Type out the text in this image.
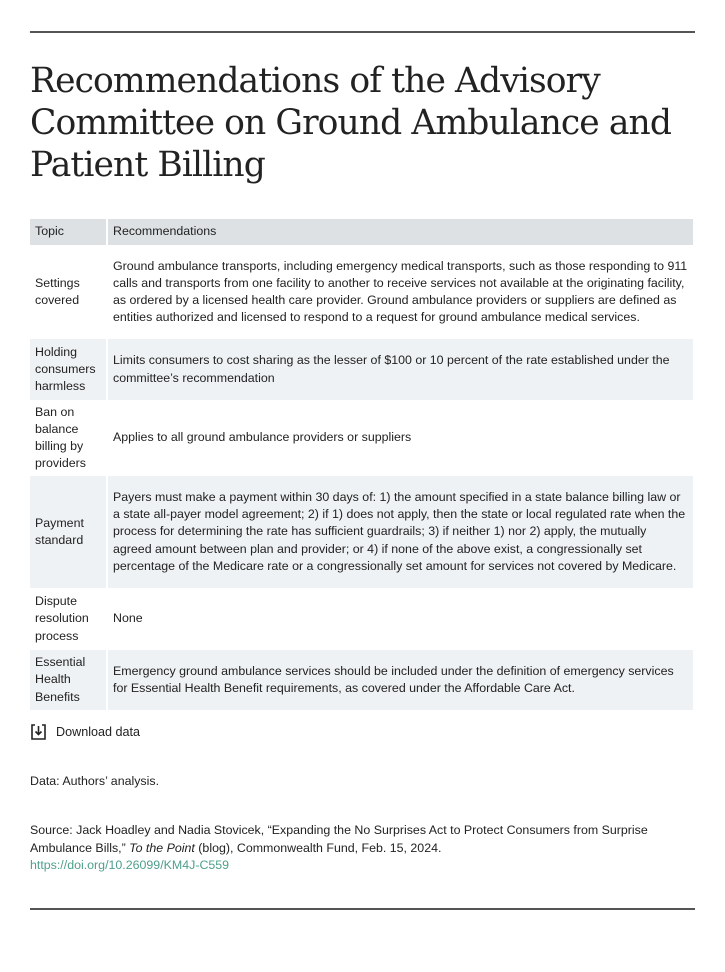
Recommendations of the Advisory Committee on Ground Ambulance and Patient Billing
Topic	Recommendations
Settings covered	Ground ambulance transports, including emergency medical transports, such as those responding to 911 calls and transports from one facility to another to receive services not available at the originating facility, as ordered by a licensed health care provider. Ground ambulance providers or suppliers are defined as entities authorized and licensed to respond to a request for ground ambulance medical services.
Holding consumers harmless	Limits consumers to cost sharing as the lesser of $100 or 10 percent of the rate established under the committee’s recommendation
Ban on balance billing by providers	Applies to all ground ambulance providers or suppliers
Payment standard	Payers must make a payment within 30 days of: 1) the amount specified in a state balance billing law or a state all-payer model agreement; 2) if 1) does not apply, then the state or local regulated rate when the process for determining the rate has sufficient guardrails; 3) if neither 1) nor 2) apply, the mutually agreed amount between plan and provider; or 4) if none of the above exist, a congressionally set percentage of the Medicare rate or a congressionally set amount for services not covered by Medicare.
Dispute resolution process	None
Essential Health Benefits	Emergency ground ambulance services should be included under the definition of emergency services for Essential Health Benefit requirements, as covered under the Affordable Care Act.
Download data

Data: Authors’ analysis.

Source: Jack Hoadley and Nadia Stovicek, “Expanding the No Surprises Act to Protect Consumers from Surprise Ambulance Bills,” To the Point (blog), Commonwealth Fund, Feb. 15, 2024.
https://doi.org/10.26099/KM4J-C559
